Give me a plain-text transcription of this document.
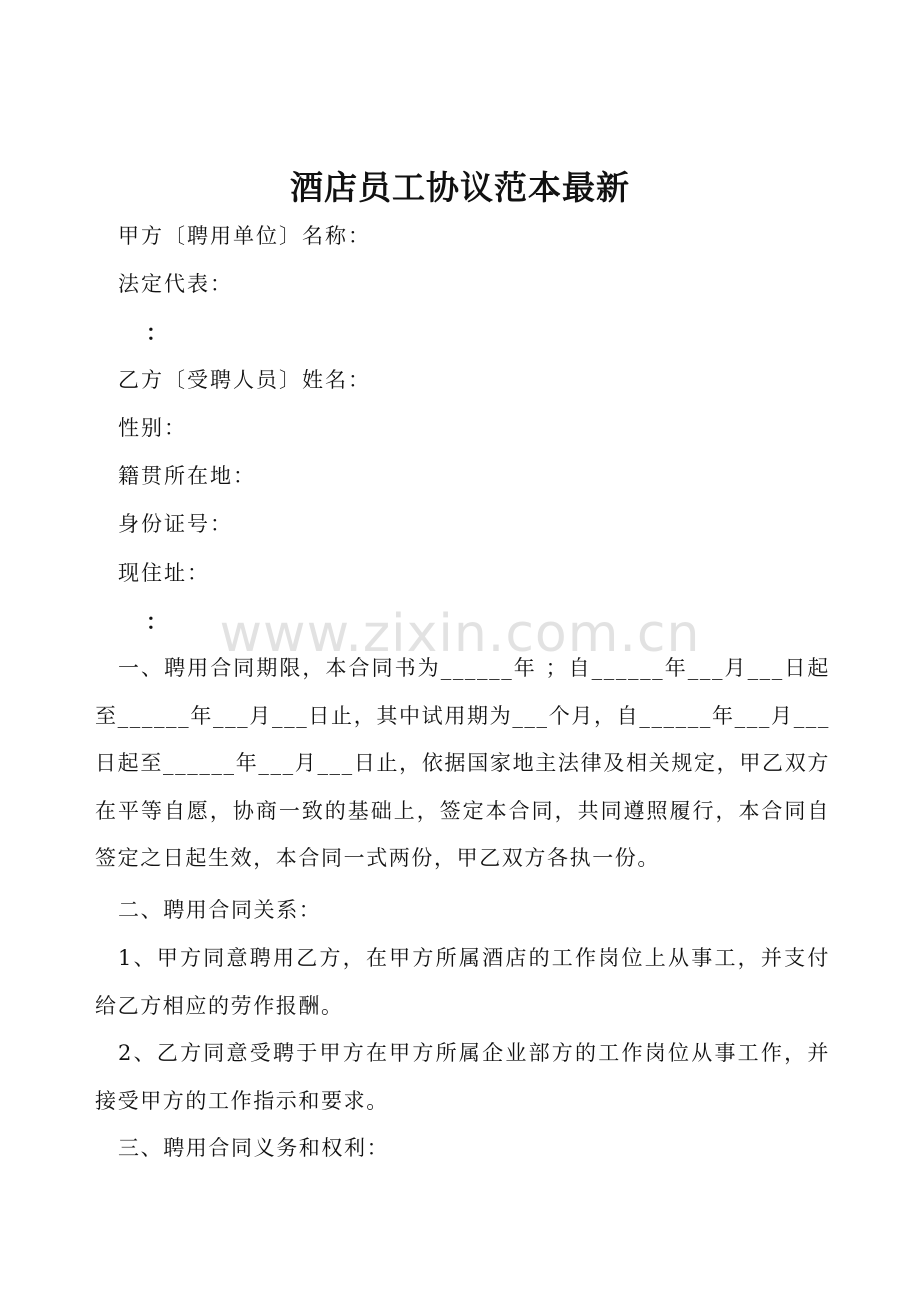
酒店员工协议范本最新
甲方〔聘用单位〕名称：
法定代表：
：
乙方〔受聘人员〕姓名：
性别：
籍贯所在地：
身份证号：
现住址：
：

一、聘用合同期限，本合同书为______年 ；自______年___月___日起至______年___月___日止，其中试用期为___个月，自______年___月___日起至______年___月___日止，依据国家地主法律及相关规定，甲乙双方在平等自愿，协商一致的基础上，签定本合同，共同遵照履行，本合同自签定之日起生效，本合同一式两份，甲乙双方各执一份。

二、聘用合同关系：

1、甲方同意聘用乙方，在甲方所属酒店的工作岗位上从事工，并支付给乙方相应的劳作报酬。

2、乙方同意受聘于甲方在甲方所属企业部方的工作岗位从事工作，并接受甲方的工作指示和要求。

三、聘用合同义务和权利：

www.zixin.com.cn
